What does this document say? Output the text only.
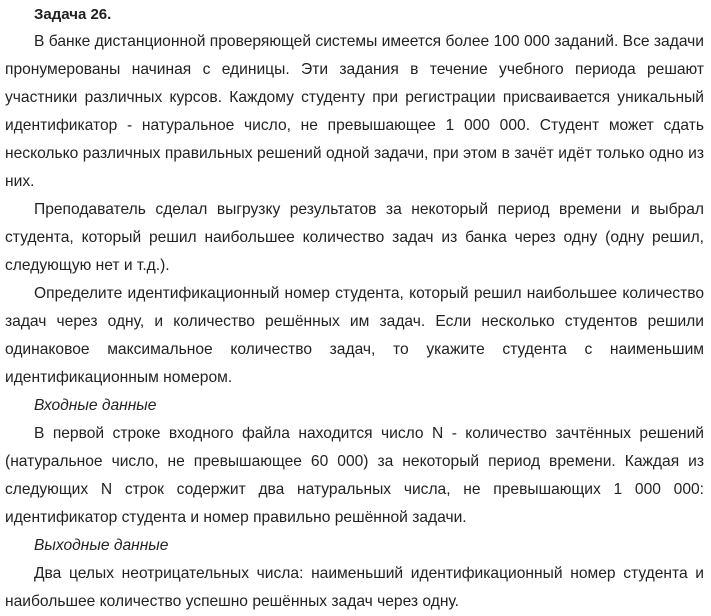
Задача 26.

В банке дистанционной проверяющей системы имеется более 100 000 заданий. Все задачи пронумерованы начиная с единицы. Эти задания в течение учебного периода решают участники различных курсов. Каждому студенту при регистрации присваивается уникальный идентификатор - натуральное число, не превышающее 1 000 000. Студент может сдать несколько различных правильных решений одной задачи, при этом в зачёт идёт только одно из них.

Преподаватель сделал выгрузку результатов за некоторый период времени и выбрал студента, который решил наибольшее количество задач из банка через одну (одну решил, следующую нет и т.д.).

Определите идентификационный номер студента, который решил наибольшее количество задач через одну, и количество решённых им задач. Если несколько студентов решили одинаковое максимальное количество задач, то укажите студента с наименьшим идентификационным номером.

Входные данные

В первой строке входного файла находится число N - количество зачтённых решений (натуральное число, не превышающее 60 000) за некоторый период времени. Каждая из следующих N строк содержит два натуральных числа, не превышающих 1 000 000: идентификатор студента и номер правильно решённой задачи.

Выходные данные

Два целых неотрицательных числа: наименьший идентификационный номер студента и наибольшее количество успешно решённых задач через одну.
